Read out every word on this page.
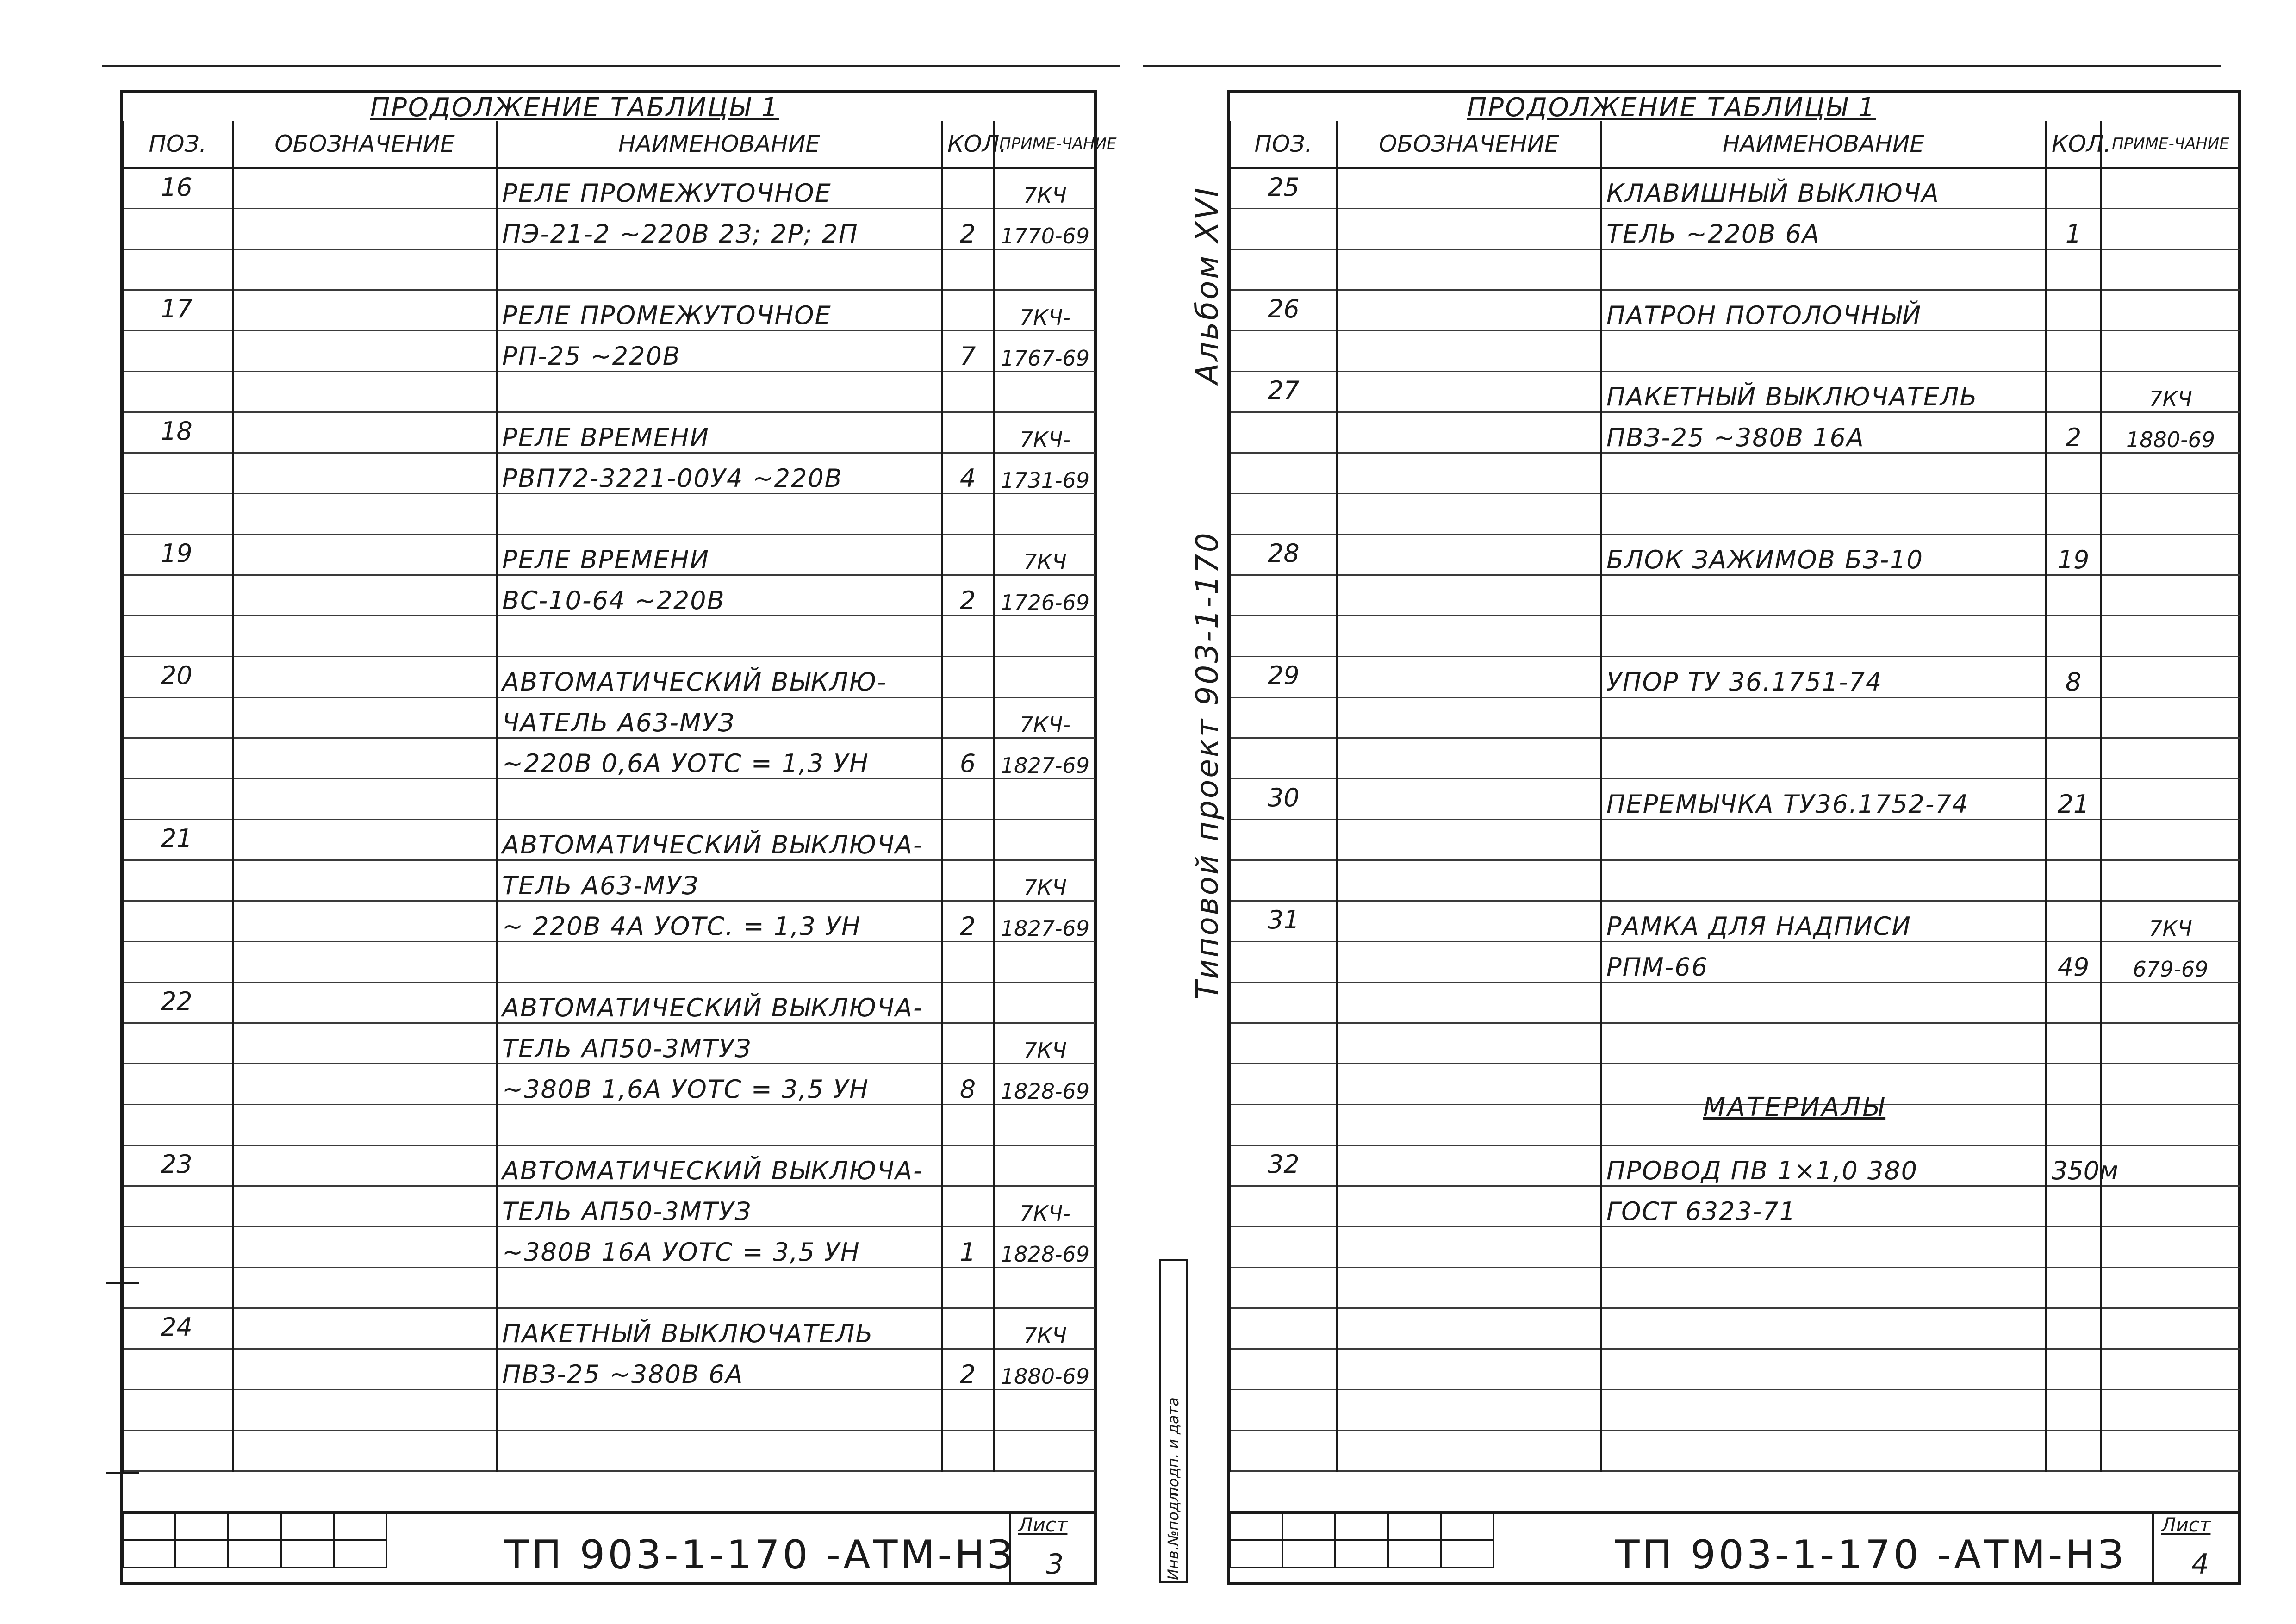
ПРОДОЛЖЕНИЕ ТАБЛИЦЫ 1
ПОЗ.	ОБОЗНАЧЕНИЕ	НАИМЕНОВАНИЕ	КОЛ.	ПРИМЕ-ЧАНИЕ
16		РЕЛЕ ПРОМЕЖУТОЧНОЕ		7КЧ
		ПЭ-21-2 ~220В 2З; 2Р; 2П	2	1770-69

17		РЕЛЕ ПРОМЕЖУТОЧНОЕ		7КЧ-
		РП-25 ~220В	7	1767-69

18		РЕЛЕ ВРЕМЕНИ		7КЧ-
		РВП72-3221-00У4 ~220В	4	1731-69

19		РЕЛЕ ВРЕМЕНИ		7КЧ
		ВС-10-64 ~220В	2	1726-69

20		АВТОМАТИЧЕСКИЙ ВЫКЛЮ-		
		ЧАТЕЛЬ А63-МУЗ		7КЧ-
		~220В 0,6А УОТС = 1,3 УН	6	1827-69

21		АВТОМАТИЧЕСКИЙ ВЫКЛЮЧА-		
		ТЕЛЬ А63-МУЗ		7КЧ
		~ 220В 4А УОТС. = 1,3 УН	2	1827-69

22		АВТОМАТИЧЕСКИЙ ВЫКЛЮЧА-		
		ТЕЛЬ АП50-3МТУЗ		7КЧ
		~380В 1,6А УОТС = 3,5 УН	8	1828-69

23		АВТОМАТИЧЕСКИЙ ВЫКЛЮЧА-		
		ТЕЛЬ АП50-3МТУЗ		7КЧ-
		~380В 16А УОТС = 3,5 УН	1	1828-69

24		ПАКЕТНЫЙ ВЫКЛЮЧАТЕЛЬ		7КЧ
		ПВЗ-25 ~380В 6А	2	1880-69

ТП 903-1-170 -АТМ-НЗ
Лист
3
Альбом XVI
Типовой проект 903-1-170
подп. и дата
Инв.№подл.
ПРОДОЛЖЕНИЕ ТАБЛИЦЫ 1
ПОЗ.	ОБОЗНАЧЕНИЕ	НАИМЕНОВАНИЕ	КОЛ.	ПРИМЕ-ЧАНИЕ
25		КЛАВИШНЫЙ ВЫКЛЮЧА		
		ТЕЛЬ ~220В 6А	1	

26		ПАТРОН ПОТОЛОЧНЫЙ		

27		ПАКЕТНЫЙ ВЫКЛЮЧАТЕЛЬ		7КЧ
		ПВЗ-25 ~380В 16А	2	1880-69

28		БЛОК ЗАЖИМОВ БЗ-10	19	

29		УПОР ТУ 36.1751-74	8	

30		ПЕРЕМЫЧКА ТУ36.1752-74	21	

31		РАМКА ДЛЯ НАДПИСИ		7КЧ
		РПМ-66	49	679-69

32		ПРОВОД ПВ 1×1,0 380	350м	
		ГОСТ 6323-71		

МАТЕРИАЛЫ

ТП 903-1-170 -АТМ-НЗ
Лист
4
